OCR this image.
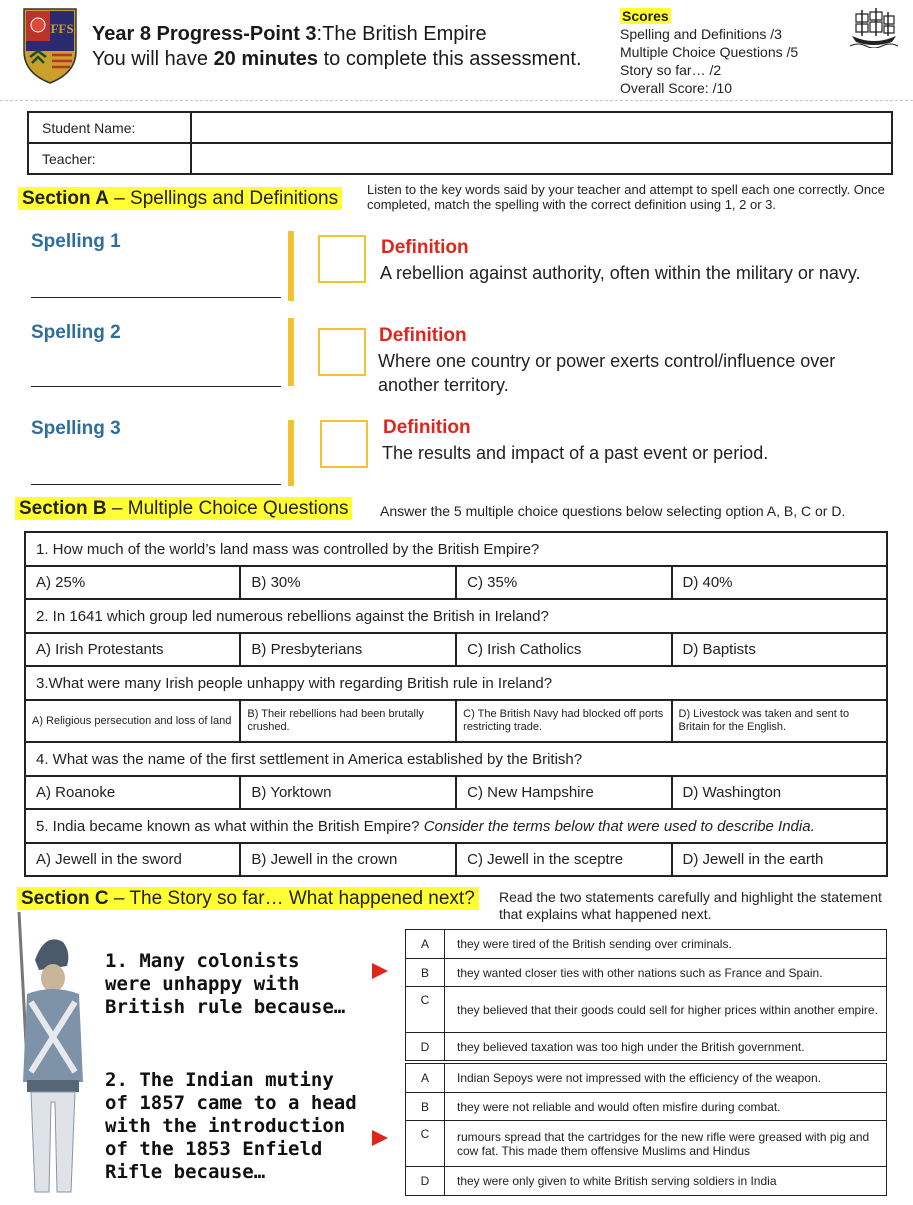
FFS Year 8 Progress-Point 3:The British Empire
You will have 20 minutes to complete this assessment.
Scores
Spelling and Definitions /3
Multiple Choice Questions /5
Story so far… /2
Overall Score: /10
Student Name:	
Teacher:	
Section A – Spellings and Definitions	Listen to the key words said by your teacher and attempt to spell each one correctly. Once completed, match the spelling with the correct definition using 1, 2 or 3.
Spelling 1	Definition
A rebellion against authority, often within the military or navy.
Spelling 2	Definition
Where one country or power exerts control/influence over another territory.
Spelling 3	Definition
The results and impact of a past event or period.
Section B – Multiple Choice Questions Answer the 5 multiple choice questions below selecting option A, B, C or D.
1. How much of the world’s land mass was controlled by the British Empire?			
A) 25%	B) 30%	C) 35%	D) 40%
2. In 1641 which group led numerous rebellions against the British in Ireland?			
A) Irish Protestants	B) Presbyterians	C) Irish Catholics	D) Baptists
3.What were many Irish people unhappy with regarding British rule in Ireland?			
A) Religious persecution and loss of land	B) Their rebellions had been brutally crushed.	C) The British Navy had blocked off ports restricting trade.	D) Livestock was taken and sent to Britain for the English.
4. What was the name of the first settlement in America established by the British?			
A) Roanoke	B) Yorktown	C) New Hampshire	D) Washington
5. India became known as what within the British Empire? Consider the terms below that were used to describe India.			
A) Jewell in the sword	B) Jewell in the crown	C) Jewell in the sceptre	D) Jewell in the earth
Section C – The Story so far… What happened next? Read the two statements carefully and highlight the statement that explains what happened next.
1. Many colonists were unhappy with British rule because…
A	they were tired of the British sending over criminals.
B	they wanted closer ties with other nations such as France and Spain.
C	they believed that their goods could sell for higher prices within another empire.
D	they believed taxation was too high under the British government.
2. The Indian mutiny of 1857 came to a head with the introduction of the 1853 Enfield Rifle because…
A	Indian Sepoys were not impressed with the efficiency of the weapon.
B	they were not reliable and would often misfire during combat.
C	rumours spread that the cartridges for the new rifle were greased with pig and cow fat. This made them offensive Muslims and Hindus
D	they were only given to white British serving soldiers in India
